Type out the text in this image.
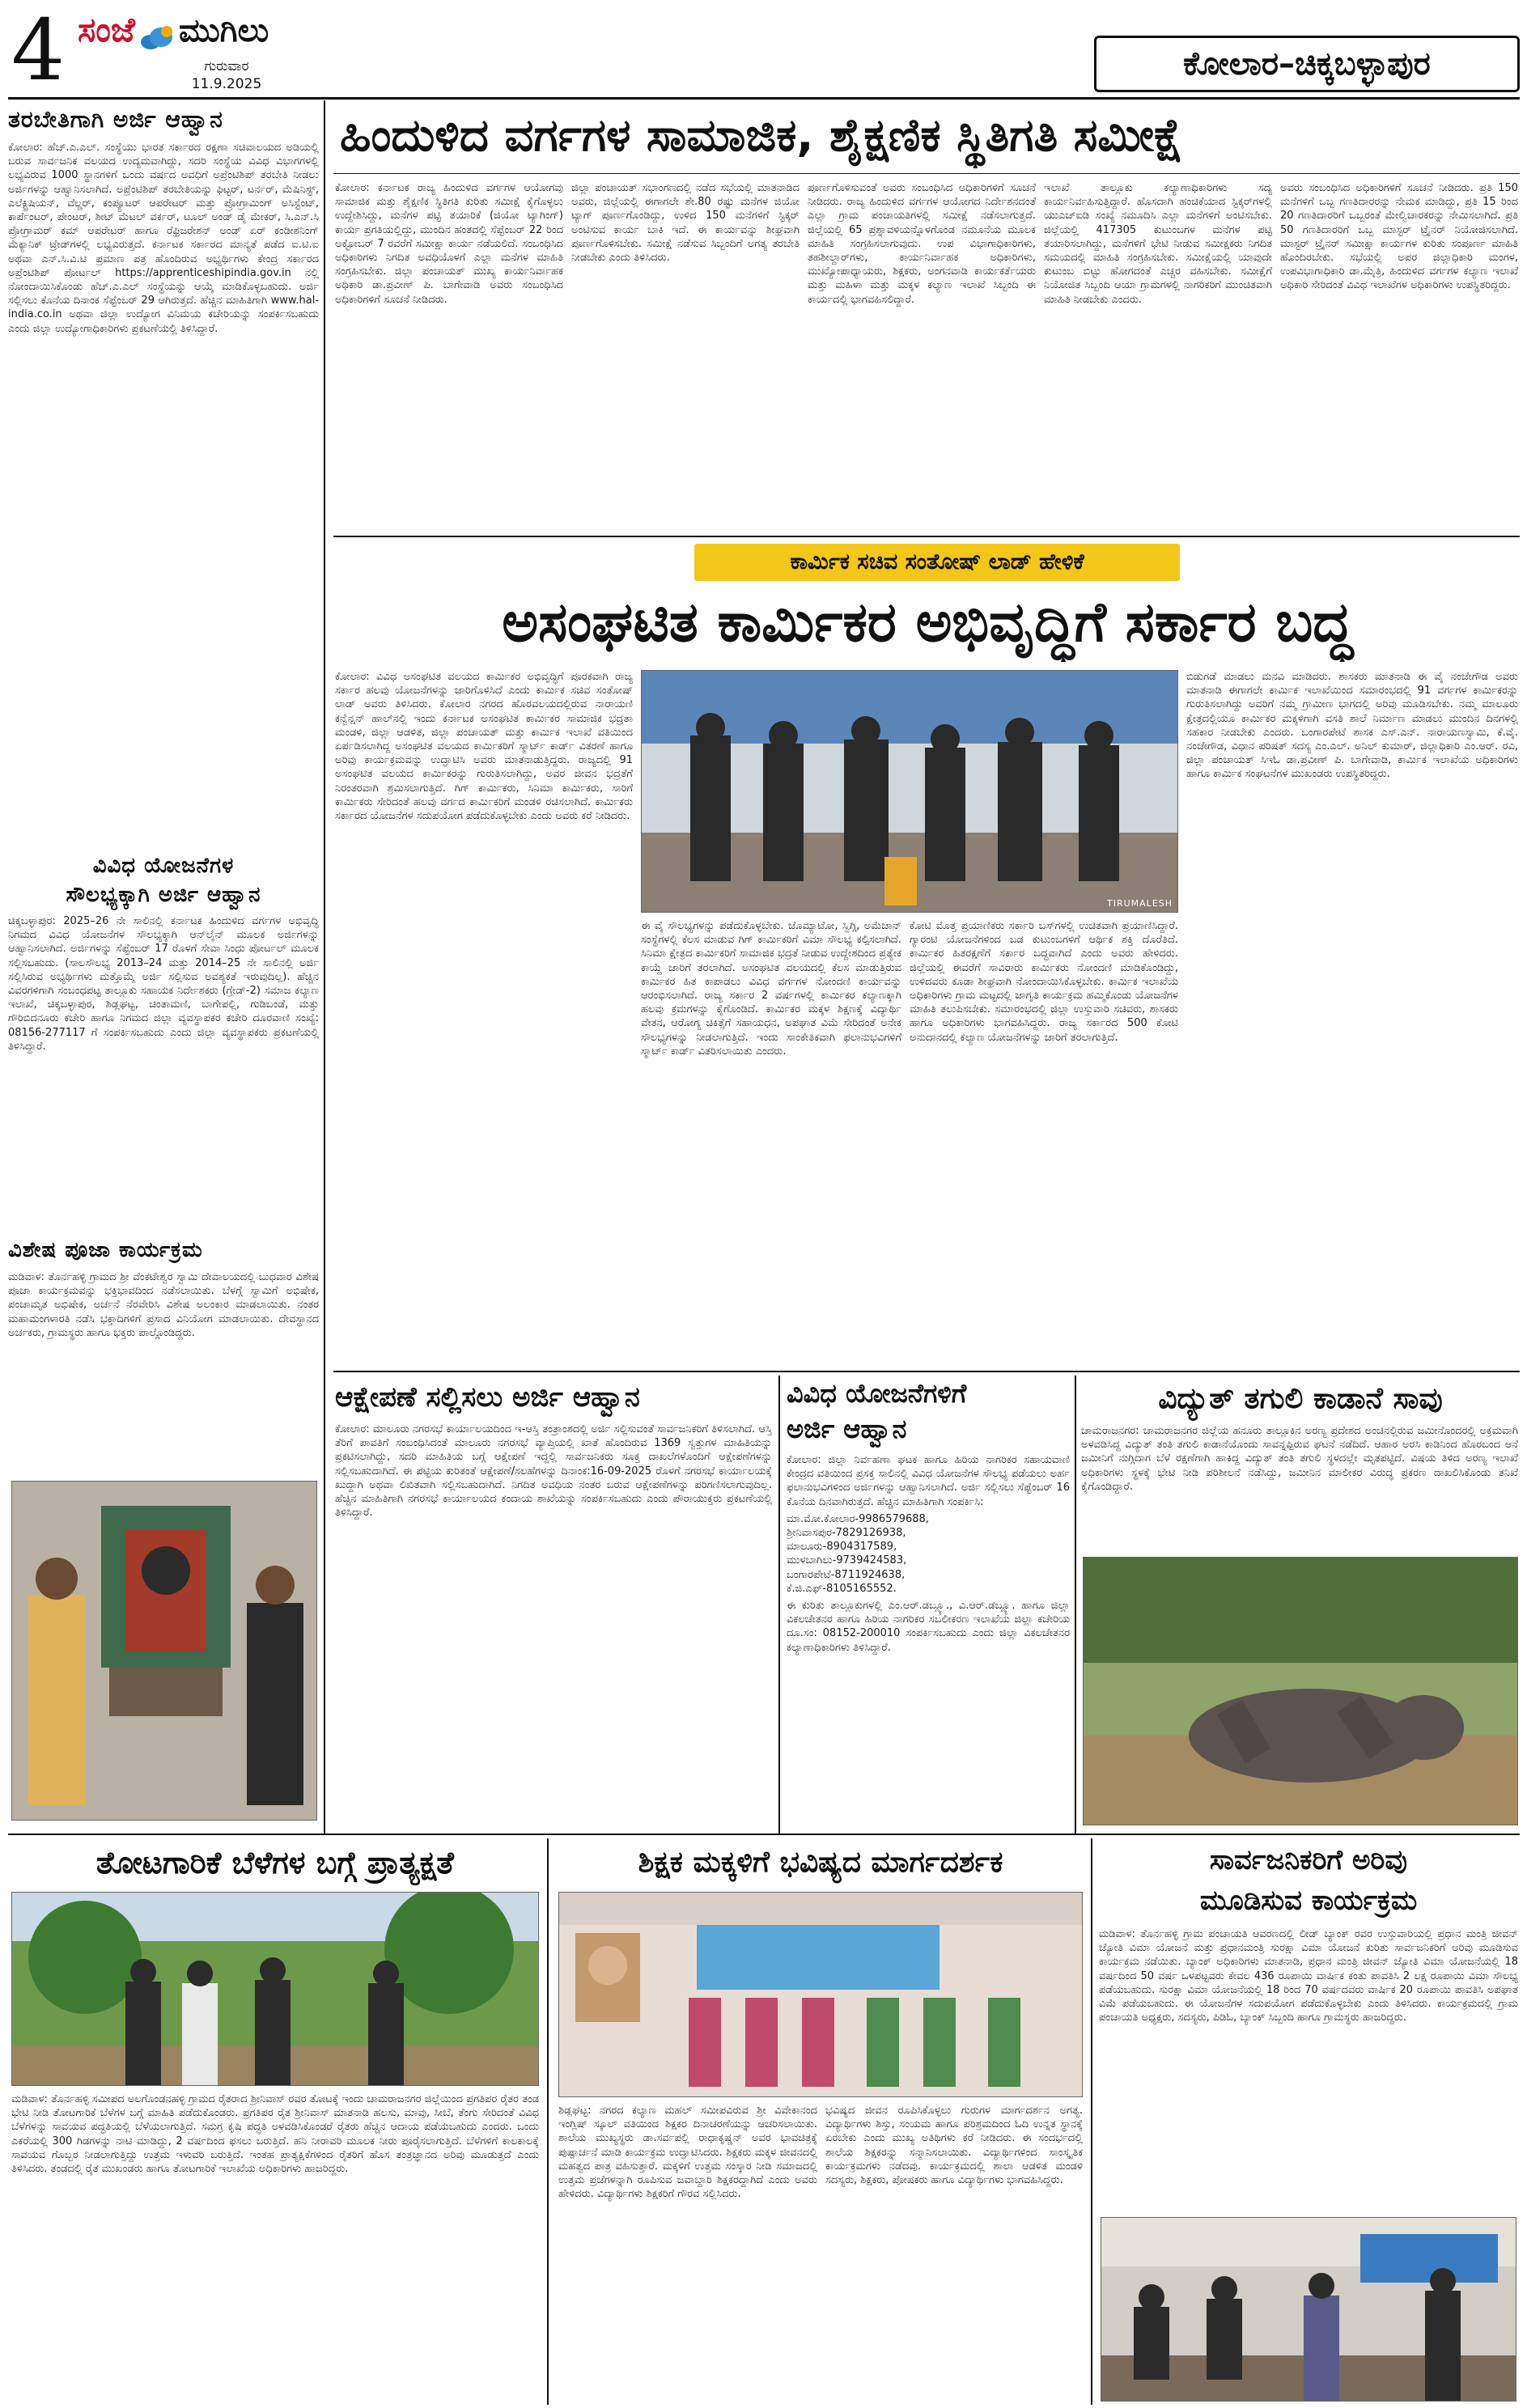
4 ಸಂಜೆ ಮುಗಿಲು
ಗುರುವಾರ
11.9.2025
ಕೋಲಾರ–ಚಿಕ್ಕಬಳ್ಳಾಪುರ
ತರಬೇತಿಗಾಗಿ ಅರ್ಜಿ ಆಹ್ವಾನ
ಕೋಲಾರ: ಹೆಚ್.ಎ.ಎಲ್. ಸಂಸ್ಥೆಯು ಭಾರತ ಸರ್ಕಾರದ ರಕ್ಷಣಾ ಸಚಿವಾಲಯದ ಅಡಿಯಲ್ಲಿ ಬರುವ ಸಾರ್ವಜನಿಕ ವಲಯದ ಉದ್ಯಮವಾಗಿದ್ದು, ಸದರಿ ಸಂಸ್ಥೆಯ ವಿವಿಧ ವಿಭಾಗಗಳಲ್ಲಿ ಲಭ್ಯವಿರುವ 1000 ಸ್ಥಾನಗಳಿಗೆ ಒಂದು ವರ್ಷದ ಅವಧಿಗೆ ಅಪ್ರೆಂಟಿಶಿಪ್ ತರಬೇತಿ ನೀಡಲು ಅರ್ಜಿಗಳನ್ನು ಆಹ್ವಾನಿಸಲಾಗಿದೆ. ಅಪ್ರೆಂಟಿಶಿಪ್ ತರಬೇತಿಯನ್ನು ಫಿಟ್ಟರ್, ಟರ್ನರ್, ಮೆಷಿನಿಸ್ಟ್, ಎಲೆಕ್ಟ್ರಿಷಿಯನ್, ವೆಲ್ಡರ್, ಕಂಪ್ಯೂಟರ್ ಆಪರೇಟರ್ ಮತ್ತು ಪ್ರೋಗ್ರಾಮಿಂಗ್ ಅಸಿಸ್ಟೆಂಟ್, ಕಾರ್ಪೆಂಟರ್, ಪೇಂಟರ್, ಶೀಟ್ ಮೆಟಲ್ ವರ್ಕರ್, ಟೂಲ್ ಅಂಡ್ ಡೈ ಮೇಕರ್, ಸಿ.ಎನ್.ಸಿ ಪ್ರೋಗ್ರಾಮರ್ ಕಮ್ ಆಪರೇಟರ್ ಹಾಗೂ ರೆಫ್ರಿಜರೇಶನ್ ಅಂಡ್ ಏರ್ ಕಂಡೀಶನಿಂಗ್ ಮೆಕ್ಯಾನಿಕ್ ಟ್ರೇಡ್‍ಗಳಲ್ಲಿ ಲಭ್ಯವಿರುತ್ತದೆ. ಕರ್ನಾಟಕ ಸರ್ಕಾರದ ಮಾನ್ಯತೆ ಪಡೆದ ಐ.ಟಿ.ಐ ಅಥವಾ ಎನ್.ಸಿ.ವಿ.ಟಿ ಪ್ರಮಾಣ ಪತ್ರ ಹೊಂದಿರುವ ಅಭ್ಯರ್ಥಿಗಳು ಕೇಂದ್ರ ಸರ್ಕಾರದ ಅಪ್ರೆಂಟಿಶಿಪ್ ಪೋರ್ಟಲ್ https://apprenticeshipindia.gov.in ನಲ್ಲಿ ನೋಂದಾಯಿಸಿಕೊಂಡು ಹೆಚ್.ಎ.ಎಲ್ ಸಂಸ್ಥೆಯನ್ನು ಆಯ್ಕೆ ಮಾಡಿಕೊಳ್ಳಬಹುದು. ಅರ್ಜಿ ಸಲ್ಲಿಸಲು ಕೊನೆಯ ದಿನಾಂಕ ಸೆಪ್ಟೆಂಬರ್ 29 ಆಗಿರುತ್ತದೆ. ಹೆಚ್ಚಿನ ಮಾಹಿತಿಗಾಗಿ www.hal-india.co.in ಅಥವಾ ಜಿಲ್ಲಾ ಉದ್ಯೋಗ ವಿನಿಮಯ ಕಚೇರಿಯನ್ನು ಸಂಪರ್ಕಿಸಬಹುದು ಎಂದು ಜಿಲ್ಲಾ ಉದ್ಯೋಗಾಧಿಕಾರಿಗಳು ಪ್ರಕಟಣೆಯಲ್ಲಿ ತಿಳಿಸಿದ್ದಾರೆ.
ವಿವಿಧ ಯೋಜನೆಗಳ
ಸೌಲಭ್ಯಕ್ಕಾಗಿ ಅರ್ಜಿ ಆಹ್ವಾನ
ಚಿಕ್ಕಬಳ್ಳಾಪುರ: 2025–26 ನೇ ಸಾಲಿನಲ್ಲಿ ಕರ್ನಾಟಕ ಹಿಂದುಳಿದ ವರ್ಗಗಳ ಅಭಿವೃದ್ಧಿ ನಿಗಮದ ವಿವಿಧ ಯೋಜನೆಗಳ ಸೌಲಭ್ಯಕ್ಕಾಗಿ ಆನ್‌ಲೈನ್ ಮೂಲಕ ಅರ್ಜಿಗಳನ್ನು ಆಹ್ವಾನಿಸಲಾಗಿದೆ. ಅರ್ಜಿಗಳನ್ನು ಸೆಪ್ಟೆಂಬರ್ 17 ರೊಳಗೆ ಸೇವಾ ಸಿಂಧು ಪೋರ್ಟಲ್ ಮೂಲಕ ಸಲ್ಲಿಸಬಹುದು. (ಸಾಲಸೌಲಭ್ಯ 2013–24 ಮತ್ತು 2014–25 ನೇ ಸಾಲಿನಲ್ಲಿ ಅರ್ಜಿ ಸಲ್ಲಿಸಿರುವ ಅಭ್ಯರ್ಥಿಗಳು ಮತ್ತೊಮ್ಮೆ ಅರ್ಜಿ ಸಲ್ಲಿಸುವ ಅವಶ್ಯಕತೆ ಇರುವುದಿಲ್ಲ). ಹೆಚ್ಚಿನ ವಿವರಗಳಿಗಾಗಿ ಸಂಬಂಧಪಟ್ಟ ತಾಲ್ಲೂಕು ಸಹಾಯಕ ನಿರ್ದೇಶಕರು (ಗ್ರೇಡ್-2) ಸಮಾಜ ಕಲ್ಯಾಣ ಇಲಾಖೆ, ಚಿಕ್ಕಬಳ್ಳಾಪುರ, ಶಿಡ್ಲಘಟ್ಟ, ಚಿಂತಾಮಣಿ, ಬಾಗೇಪಲ್ಲಿ, ಗುಡಿಬಂಡೆ, ಮತ್ತು ಗೌರಿಬಿದನೂರು ಕಚೇರಿ ಹಾಗೂ ನಿಗಮದ ಜಿಲ್ಲಾ ವ್ಯವಸ್ಥಾಪಕರ ಕಚೇರಿ ದೂರವಾಣಿ ಸಂಖ್ಯೆ: 08156-277117 ಗೆ ಸಂಪರ್ಕಿಸಬಹುದು ಎಂದು ಜಿಲ್ಲಾ ವ್ಯವಸ್ಥಾಪಕರು ಪ್ರಕಟಣೆಯಲ್ಲಿ ತಿಳಿಸಿದ್ದಾರೆ.
ವಿಶೇಷ ಪೂಜಾ ಕಾರ್ಯಕ್ರಮ
ಮಡಿವಾಳ: ತೊರ್ನಹಳ್ಳಿ ಗ್ರಾಮದ ಶ್ರೀ ವೆಂಕಟೇಶ್ವರ ಸ್ವಾಮಿ ದೇವಾಲಯದಲ್ಲಿ ಬುಧವಾರ ವಿಶೇಷ ಪೂಜಾ ಕಾರ್ಯಕ್ರಮವನ್ನು ಭಕ್ತಿಭಾವದಿಂದ ನಡೆಸಲಾಯಿತು. ಬೆಳಗ್ಗೆ ಸ್ವಾಮಿಗೆ ಅಭಿಷೇಕ, ಪಂಚಾಮೃತ ಅಭಿಷೇಕ, ಅರ್ಚನೆ ನೆರವೇರಿಸಿ ವಿಶೇಷ ಅಲಂಕಾರ ಮಾಡಲಾಯಿತು. ನಂತರ ಮಹಾಮಂಗಳಾರತಿ ನಡೆಸಿ ಭಕ್ತಾದಿಗಳಿಗೆ ಪ್ರಸಾದ ವಿನಿಯೋಗ ಮಾಡಲಾಯಿತು. ದೇವಸ್ಥಾನದ ಅರ್ಚಕರು, ಗ್ರಾಮಸ್ಥರು ಹಾಗೂ ಭಕ್ತರು ಪಾಲ್ಗೊಂಡಿದ್ದರು.
ಹಿಂದುಳಿದ ವರ್ಗಗಳ ಸಾಮಾಜಿಕ, ಶೈಕ್ಷಣಿಕ ಸ್ಥಿತಿಗತಿ ಸಮೀಕ್ಷೆ
ಕೋಲಾರ: ಕರ್ನಾಟಕ ರಾಜ್ಯ ಹಿಂದುಳಿದ ವರ್ಗಗಳ ಆಯೋಗವು ಸಾಮಾಜಿಕ ಮತ್ತು ಶೈಕ್ಷಣಿಕ ಸ್ಥಿತಿಗತಿ ಕುರಿತು ಸಮೀಕ್ಷೆ ಕೈಗೊಳ್ಳಲು ಉದ್ದೇಶಿಸಿದ್ದು, ಮನೆಗಳ ಪಟ್ಟಿ ತಯಾರಿಕೆ (ಜಿಯೋ ಟ್ಯಾಗಿಂಗ್) ಕಾರ್ಯ ಪ್ರಗತಿಯಲ್ಲಿದ್ದು, ಮುಂದಿನ ಹಂತದಲ್ಲಿ ಸೆಪ್ಟೆಂಬರ್ 22 ರಿಂದ ಅಕ್ಟೋಬರ್ 7 ರವರೆಗೆ ಸಮೀಕ್ಷಾ ಕಾರ್ಯ ನಡೆಯಲಿದೆ. ಸಂಬಂಧಿಸಿದ ಅಧಿಕಾರಿಗಳು ನಿಗದಿತ ಅವಧಿಯೊಳಗೆ ಎಲ್ಲಾ ಮನೆಗಳ ಮಾಹಿತಿ ಸಂಗ್ರಹಿಸಬೇಕು. ಜಿಲ್ಲಾ ಪಂಚಾಯತ್ ಮುಖ್ಯ ಕಾರ್ಯನಿರ್ವಾಹಕ ಅಧಿಕಾರಿ ಡಾ.ಪ್ರವೀಣ್ ಪಿ. ಬಾಗೇವಾಡಿ ಅವರು ಸಂಬಂಧಿಸಿದ ಅಧಿಕಾರಿಗಳಿಗೆ ಸೂಚನೆ ನೀಡಿದರು.
ಜಿಲ್ಲಾ ಪಂಚಾಯತ್ ಸಭಾಂಗಣದಲ್ಲಿ ನಡೆದ ಸಭೆಯಲ್ಲಿ ಮಾತನಾಡಿದ ಅವರು, ಜಿಲ್ಲೆಯಲ್ಲಿ ಈಗಾಗಲೇ ಶೇ.80 ರಷ್ಟು ಮನೆಗಳ ಜಿಯೋ ಟ್ಯಾಗ್ ಪೂರ್ಣಗೊಂಡಿದ್ದು, ಉಳಿದ 150 ಮನೆಗಳಿಗೆ ಸ್ಟಿಕ್ಕರ್ ಅಂಟಿಸುವ ಕಾರ್ಯ ಬಾಕಿ ಇದೆ. ಈ ಕಾರ್ಯವನ್ನು ಶೀಘ್ರವಾಗಿ ಪೂರ್ಣಗೊಳಿಸಬೇಕು. ಸಮೀಕ್ಷೆ ನಡೆಸುವ ಸಿಬ್ಬಂದಿಗೆ ಅಗತ್ಯ ತರಬೇತಿ ನೀಡಬೇಕು ಎಂದು ತಿಳಿಸಿದರು.
ಪೂರ್ಣಗೊಳಿಸುವಂತೆ ಅವರು ಸಂಬಂಧಿಸಿದ ಅಧಿಕಾರಿಗಳಿಗೆ ಸೂಚನೆ ನೀಡಿದರು. ರಾಜ್ಯ ಹಿಂದುಳಿದ ವರ್ಗಗಳ ಆಯೋಗದ ನಿರ್ದೇಶನದಂತೆ ಎಲ್ಲಾ ಗ್ರಾಮ ಪಂಚಾಯತಿಗಳಲ್ಲಿ ಸಮೀಕ್ಷೆ ನಡೆಸಲಾಗುತ್ತದೆ. ಜಿಲ್ಲೆಯಲ್ಲಿ 65 ಪ್ರಶ್ನಾವಳಿಯನ್ನೊಳಗೊಂಡ ನಮೂನೆಯ ಮೂಲಕ ಮಾಹಿತಿ ಸಂಗ್ರಹಿಸಲಾಗುವುದು. ಉಪ ವಿಭಾಗಾಧಿಕಾರಿಗಳು, ತಹಶೀಲ್ದಾರ್‌ಗಳು, ಕಾರ್ಯನಿರ್ವಾಹಕ ಅಧಿಕಾರಿಗಳು, ಮುಖ್ಯೋಪಾಧ್ಯಾಯರು, ಶಿಕ್ಷಕರು, ಅಂಗನವಾಡಿ ಕಾರ್ಯಕರ್ತೆಯರು ಮತ್ತು ಮಹಿಳಾ ಮತ್ತು ಮಕ್ಕಳ ಕಲ್ಯಾಣ ಇಲಾಖೆ ಸಿಬ್ಬಂದಿ ಈ ಕಾರ್ಯದಲ್ಲಿ ಭಾಗವಹಿಸಲಿದ್ದಾರೆ.
ಇಲಾಖೆ ತಾಲ್ಲೂಕು ಕಲ್ಯಾಣಾಧಿಕಾರಿಗಳು ಸದ್ಯ ಕಾರ್ಯನಿರ್ವಹಿಸುತ್ತಿದ್ದಾರೆ. ಹೊಸದಾಗಿ ಹಂಚಿಕೆಯಾದ ಸ್ಟಿಕ್ಕರ್‌ಗಳಲ್ಲಿ ಯುಎಚ್‌ಐಡಿ ಸಂಖ್ಯೆ ನಮೂದಿಸಿ ಎಲ್ಲಾ ಮನೆಗಳಿಗೆ ಅಂಟಿಸಬೇಕು. ಜಿಲ್ಲೆಯಲ್ಲಿ 417305 ಕುಟುಂಬಗಳ ಮನೆಗಳ ಪಟ್ಟಿ ತಯಾರಿಸಲಾಗಿದ್ದು, ಮನೆಗಳಿಗೆ ಭೇಟಿ ನೀಡುವ ಸಮೀಕ್ಷಕರು ನಿಗದಿತ ಸಮಯದಲ್ಲಿ ಮಾಹಿತಿ ಸಂಗ್ರಹಿಸಬೇಕು. ಸಮೀಕ್ಷೆಯಲ್ಲಿ ಯಾವುದೇ ಕುಟುಂಬ ಬಿಟ್ಟು ಹೋಗದಂತೆ ಎಚ್ಚರ ವಹಿಸಬೇಕು. ಸಮೀಕ್ಷೆಗೆ ನಿಯೋಜಿತ ಸಿಬ್ಬಂದಿ ಆಯಾ ಗ್ರಾಮಗಳಲ್ಲಿ ನಾಗರಿಕರಿಗೆ ಮುಂಚಿತವಾಗಿ ಮಾಹಿತಿ ನೀಡಬೇಕು ಎಂದರು.
ಅವರು ಸಂಬಂಧಿಸಿದ ಅಧಿಕಾರಿಗಳಿಗೆ ಸೂಚನೆ ನೀಡಿದರು. ಪ್ರತಿ 150 ಮನೆಗಳಿಗೆ ಒಬ್ಬ ಗಣತಿದಾರರನ್ನು ನೇಮಕ ಮಾಡಿದ್ದು, ಪ್ರತಿ 15 ರಿಂದ 20 ಗಣತಿದಾರರಿಗೆ ಒಬ್ಬರಂತೆ ಮೇಲ್ವಿಚಾರಕರನ್ನು ನೇಮಿಸಲಾಗಿದೆ. ಪ್ರತಿ 50 ಗಣತಿದಾರರಿಗೆ ಒಬ್ಬ ಮಾಸ್ಟರ್ ಟ್ರೈನರ್ ನಿಯೋಜಿಸಲಾಗಿದೆ. ಮಾಸ್ಟರ್ ಟ್ರೈನರ್ ಸಮೀಕ್ಷಾ ಕಾರ್ಯಗಳ ಕುರಿತು ಸಂಪೂರ್ಣ ಮಾಹಿತಿ ಹೊಂದಿರಬೇಕು. ಸಭೆಯಲ್ಲಿ ಅಪರ ಜಿಲ್ಲಾಧಿಕಾರಿ ಮಂಗಳ, ಉಪವಿಭಾಗಾಧಿಕಾರಿ ಡಾ.ಮೈತ್ರಿ, ಹಿಂದುಳಿದ ವರ್ಗಗಳ ಕಲ್ಯಾಣ ಇಲಾಖೆ ಅಧಿಕಾರಿ ಸೇರಿದಂತೆ ವಿವಿಧ ಇಲಾಖೆಗಳ ಅಧಿಕಾರಿಗಳು ಉಪಸ್ಥಿತರಿದ್ದರು.
ಕಾರ್ಮಿಕ ಸಚಿವ ಸಂತೋಷ್ ಲಾಡ್ ಹೇಳಿಕೆ
ಅಸಂಘಟಿತ ಕಾರ್ಮಿಕರ ಅಭಿವೃದ್ಧಿಗೆ ಸರ್ಕಾರ ಬದ್ಧ
ಕೋಲಾರ: ವಿವಿಧ ಅಸಂಘಟಿತ ವಲಯದ ಕಾರ್ಮಿಕರ ಅಭಿವೃದ್ಧಿಗೆ ಪೂರಕವಾಗಿ ರಾಜ್ಯ ಸರ್ಕಾರ ಹಲವು ಯೋಜನೆಗಳನ್ನು ಜಾರಿಗೊಳಿಸಿದೆ ಎಂದು ಕಾರ್ಮಿಕ ಸಚಿವ ಸಂತೋಷ್ ಲಾಡ್ ಅವರು ತಿಳಿಸಿದರು. ಕೋಲಾರ ನಗರದ ಹೊರವಲಯದಲ್ಲಿರುವ ನಾರಾಯಣಿ ಕನ್ವೆನ್ಷನ್ ಹಾಲ್‌ನಲ್ಲಿ ಇಂದು ಕರ್ನಾಟಕ ಅಸಂಘಟಿತ ಕಾರ್ಮಿಕರ ಸಾಮಾಜಿಕ ಭದ್ರತಾ ಮಂಡಳಿ, ಜಿಲ್ಲಾ ಆಡಳಿತ, ಜಿಲ್ಲಾ ಪಂಚಾಯತ್ ಮತ್ತು ಕಾರ್ಮಿಕ ಇಲಾಖೆ ವತಿಯಿಂದ ಏರ್ಪಡಿಸಲಾಗಿದ್ದ ಅಸಂಘಟಿತ ವಲಯದ ಕಾರ್ಮಿಕರಿಗೆ ಸ್ಮಾರ್ಟ್ ಕಾರ್ಡ್ ವಿತರಣೆ ಹಾಗೂ ಅರಿವು ಕಾರ್ಯಕ್ರಮವನ್ನು ಉದ್ಘಾಟಿಸಿ ಅವರು ಮಾತನಾಡುತ್ತಿದ್ದರು. ರಾಜ್ಯದಲ್ಲಿ 91 ಅಸಂಘಟಿತ ವಲಯದ ಕಾರ್ಮಿಕರನ್ನು ಗುರುತಿಸಲಾಗಿದ್ದು, ಅವರ ಜೀವನ ಭದ್ರತೆಗೆ ನಿರಂತರವಾಗಿ ಶ್ರಮಿಸಲಾಗುತ್ತಿದೆ. ಗಿಗ್ ಕಾರ್ಮಿಕರು, ಸಿನಿಮಾ ಕಾರ್ಮಿಕರು, ಸಾರಿಗೆ ಕಾರ್ಮಿಕರು ಸೇರಿದಂತೆ ಹಲವು ವರ್ಗದ ಕಾರ್ಮಿಕರಿಗೆ ಮಂಡಳಿ ರಚಿಸಲಾಗಿದೆ. ಕಾರ್ಮಿಕರು ಸರ್ಕಾರದ ಯೋಜನೆಗಳ ಸದುಪಯೋಗ ಪಡೆದುಕೊಳ್ಳಬೇಕು ಎಂದು ಅವರು ಕರೆ ನೀಡಿದರು.
TIRUMALESH
ಈ ವೈ ಸೌಲಭ್ಯಗಳನ್ನು ಪಡೆದುಕೊಳ್ಳಬೇಕು. ಜೊಮ್ಯಾಟೋ, ಸ್ವಿಗ್ಗಿ, ಅಮೆಜಾನ್ ಸಂಸ್ಥೆಗಳಲ್ಲಿ ಕೆಲಸ ಮಾಡುವ ಗಿಗ್ ಕಾರ್ಮಿಕರಿಗೆ ವಿಮಾ ಸೌಲಭ್ಯ ಕಲ್ಪಿಸಲಾಗಿದೆ. ಸಿನಿಮಾ ಕ್ಷೇತ್ರದ ಕಾರ್ಮಿಕರಿಗೆ ಸಾಮಾಜಿಕ ಭದ್ರತೆ ನೀಡುವ ಉದ್ದೇಶದಿಂದ ಪ್ರತ್ಯೇಕ ಕಾಯ್ದೆ ಜಾರಿಗೆ ತರಲಾಗಿದೆ. ಅಸಂಘಟಿತ ವಲಯದಲ್ಲಿ ಕೆಲಸ ಮಾಡುತ್ತಿರುವ ಕಾರ್ಮಿಕರ ಹಿತ ಕಾಪಾಡಲು ವಿವಿಧ ವರ್ಗಗಳ ನೋಂದಣಿ ಕಾರ್ಯವನ್ನು ಆರಂಭಿಸಲಾಗಿದೆ. ರಾಜ್ಯ ಸರ್ಕಾರ 2 ವರ್ಷಗಳಲ್ಲಿ ಕಾರ್ಮಿಕರ ಕಲ್ಯಾಣಕ್ಕಾಗಿ ಹಲವು ಕ್ರಮಗಳನ್ನು ಕೈಗೊಂಡಿದೆ. ಕಾರ್ಮಿಕರ ಮಕ್ಕಳ ಶಿಕ್ಷಣಕ್ಕೆ ವಿದ್ಯಾರ್ಥಿ ವೇತನ, ಆರೋಗ್ಯ ಚಿಕಿತ್ಸೆಗೆ ಸಹಾಯಧನ, ಅಪಘಾತ ವಿಮೆ ಸೇರಿದಂತೆ ಅನೇಕ ಸೌಲಭ್ಯಗಳನ್ನು ನೀಡಲಾಗುತ್ತಿದೆ. ಇಂದು ಸಾಂಕೇತಿಕವಾಗಿ ಫಲಾನುಭವಿಗಳಿಗೆ ಸ್ಮಾರ್ಟ್ ಕಾರ್ಡ್ ವಿತರಿಸಲಾಯಿತು ಎಂದರು.
ಕೋಟಿ ಮೊತ್ತ ಪ್ರಯಾಣಿಕರು ಸರ್ಕಾರಿ ಬಸ್‌ಗಳಲ್ಲಿ ಉಚಿತವಾಗಿ ಪ್ರಯಾಣಿಸಿದ್ದಾರೆ. ಗ್ಯಾರಂಟಿ ಯೋಜನೆಗಳಿಂದ ಬಡ ಕುಟುಂಬಗಳಿಗೆ ಆರ್ಥಿಕ ಶಕ್ತಿ ದೊರೆತಿದೆ. ಕಾರ್ಮಿಕರ ಹಿತರಕ್ಷಣೆಗೆ ಸರ್ಕಾರ ಬದ್ಧವಾಗಿದೆ ಎಂದು ಅವರು ಹೇಳಿದರು. ಜಿಲ್ಲೆಯಲ್ಲಿ ಈವರೆಗೆ ಸಾವಿರಾರು ಕಾರ್ಮಿಕರು ನೋಂದಣಿ ಮಾಡಿಕೊಂಡಿದ್ದು, ಉಳಿದವರು ಕೂಡಾ ಶೀಘ್ರವಾಗಿ ನೋಂದಾಯಿಸಿಕೊಳ್ಳಬೇಕು. ಕಾರ್ಮಿಕ ಇಲಾಖೆಯ ಅಧಿಕಾರಿಗಳು ಗ್ರಾಮ ಮಟ್ಟದಲ್ಲಿ ಜಾಗೃತಿ ಕಾರ್ಯಕ್ರಮ ಹಮ್ಮಿಕೊಂಡು ಯೋಜನೆಗಳ ಮಾಹಿತಿ ತಲುಪಿಸಬೇಕು. ಸಮಾರಂಭದಲ್ಲಿ ಜಿಲ್ಲಾ ಉಸ್ತುವಾರಿ ಸಚಿವರು, ಶಾಸಕರು ಹಾಗೂ ಅಧಿಕಾರಿಗಳು ಭಾಗವಹಿಸಿದ್ದರು. ರಾಜ್ಯ ಸರ್ಕಾರದ 500 ಕೋಟಿ ಅನುದಾನದಲ್ಲಿ ಕಲ್ಯಾಣ ಯೋಜನೆಗಳನ್ನು ಜಾರಿಗೆ ತರಲಾಗುತ್ತಿದೆ.
ಬಿಡುಗಡೆ ಮಾಡಲು ಮನವಿ ಮಾಡಿದರು. ಶಾಸಕರು ಮಾತನಾಡಿ ಈ ವೈ ನಂಜೇಗೌಡ ಅವರು ಮಾತನಾಡಿ ಈಗಾಗಲೇ ಕಾರ್ಮಿಕ ಇಲಾಖೆಯಿಂದ ಸಮಾರಂಭದಲ್ಲಿ 91 ವರ್ಗಗಳ ಕಾರ್ಮಿಕರನ್ನು ಗುರುತಿಸಲಾಗಿದ್ದು ಅವರಿಗೆ ನಮ್ಮ ಗ್ರಾಮೀಣ ಭಾಗದಲ್ಲಿ ಅರಿವು ಮೂಡಿಸಬೇಕು. ನಮ್ಮ ಮಾಲೂರು ಕ್ಷೇತ್ರದಲ್ಲಿಯೂ ಕಾರ್ಮಿಕರ ಮಕ್ಕಳಿಗಾಗಿ ವಸತಿ ಶಾಲೆ ನಿರ್ಮಾಣ ಮಾಡಲು ಮುಂದಿನ ದಿನಗಳಲ್ಲಿ ಸಹಕಾರ ನೀಡಬೇಕು ಎಂದರು. ಬಂಗಾರಪೇಟೆ ಶಾಸಕ ಎಸ್.ಎನ್. ನಾರಾಯಣಸ್ವಾಮಿ, ಕೆ.ವೈ. ನಂಜೇಗೌಡ, ವಿಧಾನ ಪರಿಷತ್ ಸದಸ್ಯ ಎಂ.ಎಲ್. ಅನಿಲ್ ಕುಮಾರ್, ಜಿಲ್ಲಾಧಿಕಾರಿ ಎಂ.ಆರ್. ರವಿ, ಜಿಲ್ಲಾ ಪಂಚಾಯತ್ ಸಿಇಓ ಡಾ.ಪ್ರವೀಣ್ ಪಿ. ಬಾಗೇವಾಡಿ, ಕಾರ್ಮಿಕ ಇಲಾಖೆಯ ಅಧಿಕಾರಿಗಳು ಹಾಗೂ ಕಾರ್ಮಿಕ ಸಂಘಟನೆಗಳ ಮುಖಂಡರು ಉಪಸ್ಥಿತರಿದ್ದರು.
ಆಕ್ಷೇಪಣೆ ಸಲ್ಲಿಸಲು ಅರ್ಜಿ ಆಹ್ವಾನ
ಕೋಲಾರ: ಮಾಲೂರು ನಗರಸಭೆ ಕಾರ್ಯಾಲಯದಿಂದ ಇ-ಆಸ್ತಿ ತಂತ್ರಾಂಶದಲ್ಲಿ ಅರ್ಜಿ ಸಲ್ಲಿಸುವಂತೆ ಸಾರ್ವಜನಿಕರಿಗೆ ತಿಳಿಸಲಾಗಿದೆ. ಆಸ್ತಿ ತೆರಿಗೆ ಪಾವತಿಗೆ ಸಂಬಂಧಿಸಿದಂತೆ ಮಾಲೂರು ನಗರಸಭೆ ವ್ಯಾಪ್ತಿಯಲ್ಲಿ ಖಾತೆ ಹೊಂದಿರುವ 1369 ಸ್ವತ್ತುಗಳ ಮಾಹಿತಿಯನ್ನು ಪ್ರಕಟಿಸಲಾಗಿದ್ದು, ಸದರಿ ಮಾಹಿತಿಯ ಬಗ್ಗೆ ಆಕ್ಷೇಪಣೆ ಇದ್ದಲ್ಲಿ ಸಾರ್ವಜನಿಕರು ಸೂಕ್ತ ದಾಖಲೆಗಳೊಂದಿಗೆ ಆಕ್ಷೇಪಣೆಗಳನ್ನು ಸಲ್ಲಿಸಬಹುದಾಗಿದೆ. ಈ ಪಟ್ಟಿಯ ಕುರಿತಂತೆ ಆಕ್ಷೇಪಣೆ/ಸಲಹೆಗಳನ್ನು ದಿನಾಂಕ:16-09-2025 ರೊಳಗೆ ನಗರಸಭೆ ಕಾರ್ಯಾಲಯಕ್ಕೆ ಖುದ್ದಾಗಿ ಅಥವಾ ಲಿಖಿತವಾಗಿ ಸಲ್ಲಿಸಬಹುದಾಗಿದೆ. ನಿಗದಿತ ಅವಧಿಯ ನಂತರ ಬರುವ ಆಕ್ಷೇಪಣೆಗಳನ್ನು ಪರಿಗಣಿಸಲಾಗುವುದಿಲ್ಲ. ಹೆಚ್ಚಿನ ಮಾಹಿತಿಗಾಗಿ ನಗರಸಭೆ ಕಾರ್ಯಾಲಯದ ಕಂದಾಯ ಶಾಖೆಯನ್ನು ಸಂಪರ್ಕಿಸಬಹುದು ಎಂದು ಪೌರಾಯುಕ್ತರು ಪ್ರಕಟಣೆಯಲ್ಲಿ ತಿಳಿಸಿದ್ದಾರೆ.
ವಿವಿಧ ಯೋಜನೆಗಳಿಗೆ
ಅರ್ಜಿ ಆಹ್ವಾನ
ಕೋಲಾರ: ಜಿಲ್ಲಾ ನಿರ್ವಹಣಾ ಘಟಕ ಹಾಗೂ ಹಿರಿಯ ನಾಗರಿಕರ ಸಹಾಯವಾಣಿ ಕೇಂದ್ರದ ವತಿಯಿಂದ ಪ್ರಸಕ್ತ ಸಾಲಿನಲ್ಲಿ ವಿವಿಧ ಯೋಜನೆಗಳ ಸೌಲಭ್ಯ ಪಡೆಯಲು ಅರ್ಹ ಫಲಾನುಭವಿಗಳಿಂದ ಅರ್ಜಿಗಳನ್ನು ಆಹ್ವಾನಿಸಲಾಗಿದೆ. ಅರ್ಜಿ ಸಲ್ಲಿಸಲು ಸೆಪ್ಟೆಂಬರ್ 16 ಕೊನೆಯ ದಿನವಾಗಿರುತ್ತದೆ. ಹೆಚ್ಚಿನ ಮಾಹಿತಿಗಾಗಿ ಸಂಪರ್ಕಿಸಿ:
ಮಾ.ಮೋ.ಕೋಲಾರ-9986579688,
ಶ್ರೀನಿವಾಸಪುರ-7829126938,
ಮಾಲೂರು-8904317589,
ಮುಳಬಾಗಿಲು-9739424583,
ಬಂಗಾರಪೇಟೆ-8711924638,
ಕೆ.ಜಿ.ಎಫ್-8105165552.
ಈ ಕುರಿತು ತಾಲ್ಲೂಕುಗಳಲ್ಲಿ ಎಂ.ಆರ್.ಡಬ್ಲ್ಯೂ., ವಿ.ಆರ್.ಡಬ್ಲ್ಯೂ. ಹಾಗೂ ಜಿಲ್ಲಾ ವಿಕಲಚೇತನರ ಹಾಗೂ ಹಿರಿಯ ನಾಗರಿಕರ ಸಬಲೀಕರಣ ಇಲಾಖೆಯ ಜಿಲ್ಲಾ ಕಚೇರಿಯ ದೂ.ಸಂ: 08152-200010 ಸಂಪರ್ಕಿಸಬಹುದು ಎಂದು ಜಿಲ್ಲಾ ವಿಕಲಚೇತನರ ಕಲ್ಯಾಣಾಧಿಕಾರಿಗಳು ತಿಳಿಸಿದ್ದಾರೆ.
ವಿದ್ಯುತ್ ತಗುಲಿ ಕಾಡಾನೆ ಸಾವು
ಚಾಮರಾಜನಗರ: ಚಾಮರಾಜನಗರ ಜಿಲ್ಲೆಯ ಹನೂರು ತಾಲ್ಲೂಕಿನ ಅರಣ್ಯ ಪ್ರದೇಶದ ಅಂಚಿನಲ್ಲಿರುವ ಜಮೀನೊಂದರಲ್ಲಿ ಅಕ್ರಮವಾಗಿ ಅಳವಡಿಸಿದ್ದ ವಿದ್ಯುತ್ ತಂತಿ ತಗುಲಿ ಕಾಡಾನೆಯೊಂದು ಸಾವನ್ನಪ್ಪಿರುವ ಘಟನೆ ನಡೆದಿದೆ. ಆಹಾರ ಅರಸಿ ಕಾಡಿನಿಂದ ಹೊರಬಂದ ಆನೆ ಜಮೀನಿಗೆ ನುಗ್ಗಿದಾಗ ಬೆಳೆ ರಕ್ಷಣೆಗಾಗಿ ಹಾಕಿದ್ದ ವಿದ್ಯುತ್ ತಂತಿ ತಗುಲಿ ಸ್ಥಳದಲ್ಲೇ ಮೃತಪಟ್ಟಿದೆ. ವಿಷಯ ತಿಳಿದ ಅರಣ್ಯ ಇಲಾಖೆ ಅಧಿಕಾರಿಗಳು ಸ್ಥಳಕ್ಕೆ ಭೇಟಿ ನೀಡಿ ಪರಿಶೀಲನೆ ನಡೆಸಿದ್ದು, ಜಮೀನಿನ ಮಾಲೀಕರ ವಿರುದ್ಧ ಪ್ರಕರಣ ದಾಖಲಿಸಿಕೊಂಡು ತನಿಖೆ ಕೈಗೊಂಡಿದ್ದಾರೆ.
ತೋಟಗಾರಿಕೆ ಬೆಳೆಗಳ ಬಗ್ಗೆ ಪ್ರಾತ್ಯಕ್ಷತೆ
ಮಡಿವಾಳ: ತೊರ್ನಹಳ್ಳಿ ಸಮೀಪದ ಅಲಗೊಂಡನಹಳ್ಳಿ ಗ್ರಾಮದ ರೈತರಾದ ಶ್ರೀನಿವಾಸ್ ರವರ ತೋಟಕ್ಕೆ ಇಂದು ಚಾಮರಾಜನಗರ ಜಿಲ್ಲೆಯಿಂದ ಪ್ರಗತಿಪರ ರೈತರ ತಂಡ ಭೇಟಿ ನೀಡಿ ತೋಟಗಾರಿಕೆ ಬೆಳೆಗಳ ಬಗ್ಗೆ ಮಾಹಿತಿ ಪಡೆದುಕೊಂಡರು. ಪ್ರಗತಿಪರ ರೈತ ಶ್ರೀನಿವಾಸ್ ಮಾತನಾಡಿ ಹಲಸು, ಮಾವು, ಸೀಬೆ, ತೆಂಗು ಸೇರಿದಂತೆ ವಿವಿಧ ಬೆಳೆಗಳನ್ನು ಸಾವಯವ ಪದ್ಧತಿಯಲ್ಲಿ ಬೆಳೆಯಲಾಗುತ್ತಿದೆ. ಸಮಗ್ರ ಕೃಷಿ ಪದ್ಧತಿ ಅಳವಡಿಸಿಕೊಂಡರೆ ರೈತರು ಹೆಚ್ಚಿನ ಆದಾಯ ಪಡೆಯಬಹುದು ಎಂದರು. ಒಂದು ಎಕರೆಯಲ್ಲಿ 300 ಗಿಡಗಳನ್ನು ನಾಟಿ ಮಾಡಿದ್ದು, 2 ವರ್ಷದಿಂದ ಫಸಲು ಬರುತ್ತಿದೆ. ಹನಿ ನೀರಾವರಿ ಮೂಲಕ ನೀರು ಪೂರೈಸಲಾಗುತ್ತಿದೆ. ಬೆಳೆಗಳಿಗೆ ಕಾಲಕಾಲಕ್ಕೆ ಸಾವಯವ ಗೊಬ್ಬರ ನೀಡಲಾಗುತ್ತಿದ್ದು ಉತ್ತಮ ಇಳುವರಿ ಬರುತ್ತಿದೆ. ಇಂತಹ ಪ್ರಾತ್ಯಕ್ಷಿಕೆಗಳಿಂದ ರೈತರಿಗೆ ಹೊಸ ತಂತ್ರಜ್ಞಾನದ ಅರಿವು ಮೂಡುತ್ತದೆ ಎಂದು ತಿಳಿಸಿದರು. ತಂಡದಲ್ಲಿ ರೈತ ಮುಖಂಡರು ಹಾಗೂ ತೋಟಗಾರಿಕೆ ಇಲಾಖೆಯ ಅಧಿಕಾರಿಗಳು ಹಾಜರಿದ್ದರು.
ಶಿಕ್ಷಕ ಮಕ್ಕಳಿಗೆ ಭವಿಷ್ಯದ ಮಾರ್ಗದರ್ಶಕ
ಶಿಡ್ಲಘಟ್ಟ: ನಗರದ ಕಲ್ಯಾಣ ಮಹಲ್ ಸಮೀಪವಿರುವ ಶ್ರೀ ವಿವೇಕಾನಂದ ಇಂಗ್ಲಿಷ್ ಸ್ಕೂಲ್ ವತಿಯಿಂದ ಶಿಕ್ಷಕರ ದಿನಾಚರಣೆಯನ್ನು ಆಚರಿಸಲಾಯಿತು. ಶಾಲೆಯ ಮುಖ್ಯಸ್ಥರು ಡಾ.ಸರ್ವಪಲ್ಲಿ ರಾಧಾಕೃಷ್ಣನ್ ಅವರ ಭಾವಚಿತ್ರಕ್ಕೆ ಪುಷ್ಪಾರ್ಚನೆ ಮಾಡಿ ಕಾರ್ಯಕ್ರಮ ಉದ್ಘಾಟಿಸಿದರು. ಶಿಕ್ಷಕರು ಮಕ್ಕಳ ಜೀವನದಲ್ಲಿ ಮಹತ್ವದ ಪಾತ್ರ ವಹಿಸುತ್ತಾರೆ. ಮಕ್ಕಳಿಗೆ ಉತ್ತಮ ಸಂಸ್ಕಾರ ನೀಡಿ ಸಮಾಜದಲ್ಲಿ ಉತ್ತಮ ಪ್ರಜೆಗಳನ್ನಾಗಿ ರೂಪಿಸುವ ಜವಾಬ್ದಾರಿ ಶಿಕ್ಷಕರದ್ದಾಗಿದೆ ಎಂದು ಅವರು ಹೇಳಿದರು. ವಿದ್ಯಾರ್ಥಿಗಳು ಶಿಕ್ಷಕರಿಗೆ ಗೌರವ ಸಲ್ಲಿಸಿದರು.
ಭವಿಷ್ಯದ ಜೀವನ ರೂಪಿಸಿಕೊಳ್ಳಲು ಗುರುಗಳ ಮಾರ್ಗದರ್ಶನ ಅಗತ್ಯ. ವಿದ್ಯಾರ್ಥಿಗಳು ಶಿಸ್ತು, ಸಂಯಮ ಹಾಗೂ ಪರಿಶ್ರಮದಿಂದ ಓದಿ ಉನ್ನತ ಸ್ಥಾನಕ್ಕೆ ಏರಬೇಕು ಎಂದು ಮುಖ್ಯ ಅತಿಥಿಗಳು ಕರೆ ನೀಡಿದರು. ಈ ಸಂದರ್ಭದಲ್ಲಿ ಶಾಲೆಯ ಶಿಕ್ಷಕರನ್ನು ಸನ್ಮಾನಿಸಲಾಯಿತು. ವಿದ್ಯಾರ್ಥಿಗಳಿಂದ ಸಾಂಸ್ಕೃತಿಕ ಕಾರ್ಯಕ್ರಮಗಳು ನಡೆದವು. ಕಾರ್ಯಕ್ರಮದಲ್ಲಿ ಶಾಲಾ ಆಡಳಿತ ಮಂಡಳಿ ಸದಸ್ಯರು, ಶಿಕ್ಷಕರು, ಪೋಷಕರು ಹಾಗೂ ವಿದ್ಯಾರ್ಥಿಗಳು ಭಾಗವಹಿಸಿದ್ದರು.
ಸಾರ್ವಜನಿಕರಿಗೆ ಅರಿವು
ಮೂಡಿಸುವ ಕಾರ್ಯಕ್ರಮ
ಮಡಿವಾಳ: ತೊರ್ನಹಳ್ಳಿ ಗ್ರಾಮ ಪಂಚಾಯತಿ ಆವರಣದಲ್ಲಿ ಲೀಡ್ ಬ್ಯಾಂಕ್ ರವರ ಉಸ್ತುವಾರಿಯಲ್ಲಿ ಪ್ರಧಾನ ಮಂತ್ರಿ ಜೀವನ್ ಜ್ಯೋತಿ ವಿಮಾ ಯೋಜನೆ ಮತ್ತು ಪ್ರಧಾನಮಂತ್ರಿ ಸುರಕ್ಷಾ ವಿಮಾ ಯೋಜನೆ ಕುರಿತು ಸಾರ್ವಜನಿಕರಿಗೆ ಅರಿವು ಮೂಡಿಸುವ ಕಾರ್ಯಕ್ರಮ ನಡೆಯಿತು. ಬ್ಯಾಂಕ್ ಅಧಿಕಾರಿಗಳು ಮಾತನಾಡಿ, ಪ್ರಧಾನ ಮಂತ್ರಿ ಜೀವನ್ ಜ್ಯೋತಿ ವಿಮಾ ಯೋಜನೆಯಲ್ಲಿ 18 ವರ್ಷದಿಂದ 50 ವರ್ಷ ಒಳಪಟ್ಟವರು ಕೇವಲ 436 ರೂಪಾಯಿ ವಾರ್ಷಿಕ ಕಂತು ಪಾವತಿಸಿ 2 ಲಕ್ಷ ರೂಪಾಯಿ ವಿಮಾ ಸೌಲಭ್ಯ ಪಡೆಯಬಹುದು. ಸುರಕ್ಷಾ ವಿಮಾ ಯೋಜನೆಯಲ್ಲಿ 18 ರಿಂದ 70 ವರ್ಷದವರು ವಾರ್ಷಿಕ 20 ರೂಪಾಯಿ ಪಾವತಿಸಿ ಅಪಘಾತ ವಿಮೆ ಪಡೆಯಬಹುದು. ಈ ಯೋಜನೆಗಳ ಸದುಪಯೋಗ ಪಡೆದುಕೊಳ್ಳಬೇಕು ಎಂದು ತಿಳಿಸಿದರು. ಕಾರ್ಯಕ್ರಮದಲ್ಲಿ ಗ್ರಾಮ ಪಂಚಾಯತಿ ಅಧ್ಯಕ್ಷರು, ಸದಸ್ಯರು, ಪಿಡಿಓ, ಬ್ಯಾಂಕ್ ಸಿಬ್ಬಂದಿ ಹಾಗೂ ಗ್ರಾಮಸ್ಥರು ಹಾಜರಿದ್ದರು.
